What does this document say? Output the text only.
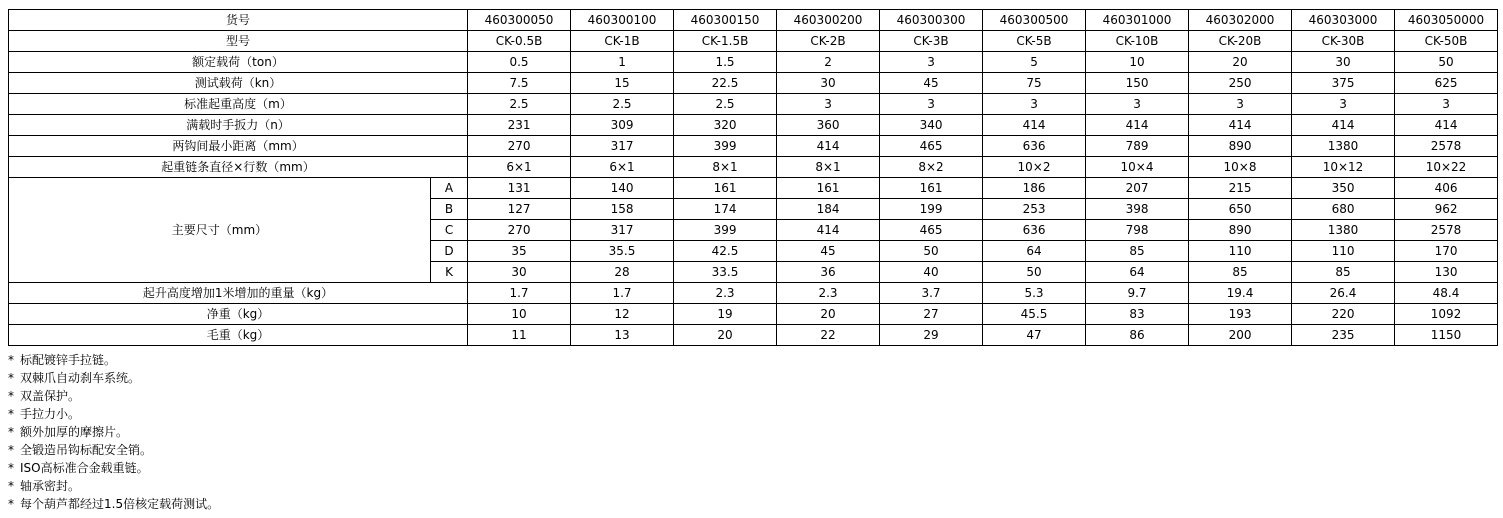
货号		460300050	460300100	460300150	460300200	460300300	460300500	460301000	460302000	460303000	4603050000
型号		CK-0.5B	CK-1B	CK-1.5B	CK-2B	CK-3B	CK-5B	CK-10B	CK-20B	CK-30B	CK-50B
额定载荷（ton）		0.5	1	1.5	2	3	5	10	20	30	50
测试载荷（kn）		7.5	15	22.5	30	45	75	150	250	375	625
标准起重高度（m）		2.5	2.5	2.5	3	3	3	3	3	3	3
满载时手扳力（n）		231	309	320	360	340	414	414	414	414	414
两钩间最小距离（mm）		270	317	399	414	465	636	789	890	1380	2578
起重链条直径×行数（mm）		6×1	6×1	8×1	8×1	8×2	10×2	10×4	10×8	10×12	10×22
主要尺寸（mm）	A	131	140	161	161	161	186	207	215	350	406
	B	127	158	174	184	199	253	398	650	680	962
	C	270	317	399	414	465	636	798	890	1380	2578
	D	35	35.5	42.5	45	50	64	85	110	110	170
	K	30	28	33.5	36	40	50	64	85	85	130
起升高度增加1米增加的重量（kg）		1.7	1.7	2.3	2.3	3.7	5.3	9.7	19.4	26.4	48.4
净重（kg）		10	12	19	20	27	45.5	83	193	220	1092
毛重（kg）		11	13	20	22	29	47	86	200	235	1150
* 标配镀锌手拉链。
* 双棘爪自动刹车系统。
* 双盖保护。
* 手拉力小。
* 额外加厚的摩擦片。
* 全锻造吊钩标配安全销。
* ISO高标准合金载重链。
* 轴承密封。
* 每个葫芦都经过1.5倍核定载荷测试。
